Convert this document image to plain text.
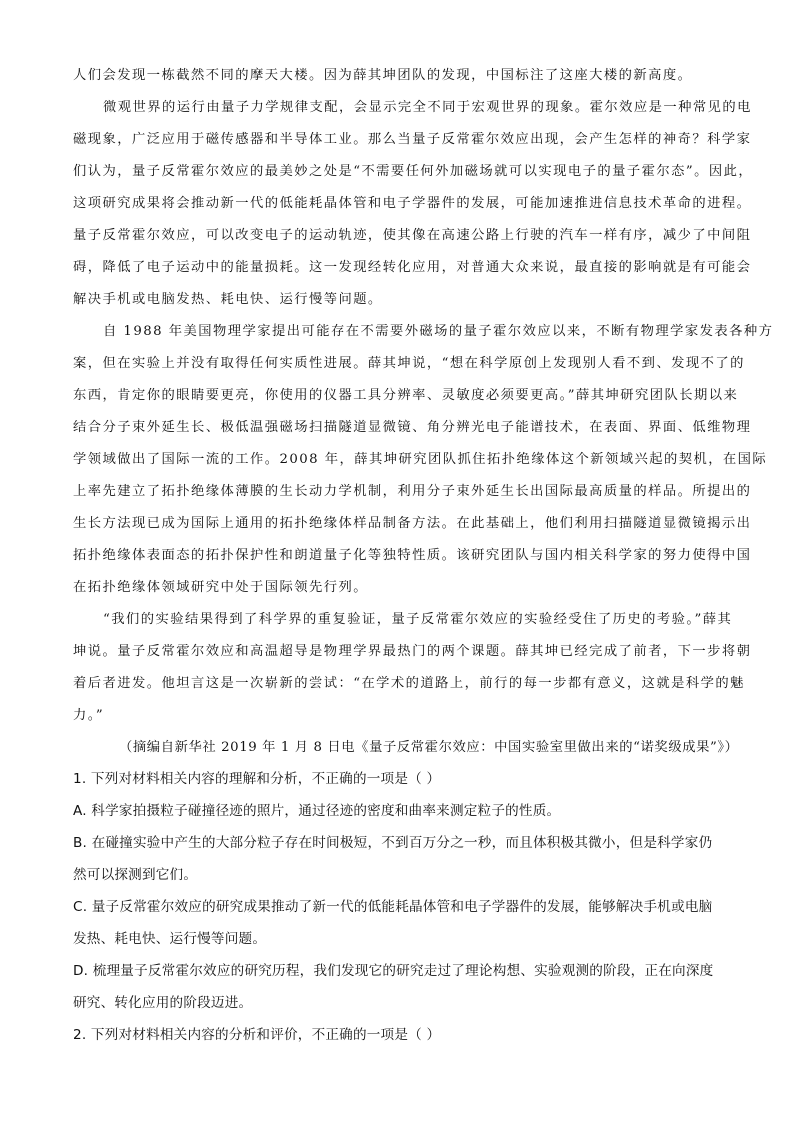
人们会发现一栋截然不同的摩天大楼。因为薛其坤团队的发现，中国标注了这座大楼的新高度。
微观世界的运行由量子力学规律支配，会显示完全不同于宏观世界的现象。霍尔效应是一种常见的电
磁现象，广泛应用于磁传感器和半导体工业。那么当量子反常霍尔效应出现，会产生怎样的神奇？科学家
们认为，量子反常霍尔效应的最美妙之处是“不需要任何外加磁场就可以实现电子的量子霍尔态”。因此，
这项研究成果将会推动新一代的低能耗晶体管和电子学器件的发展，可能加速推进信息技术革命的进程。
量子反常霍尔效应，可以改变电子的运动轨迹，使其像在高速公路上行驶的汽车一样有序，减少了中间阻
碍，降低了电子运动中的能量损耗。这一发现经转化应用，对普通大众来说，最直接的影响就是有可能会
解决手机或电脑发热、耗电快、运行慢等问题。
自 1988 年美国物理学家提出可能存在不需要外磁场的量子霍尔效应以来，不断有物理学家发表各种方
案，但在实验上并没有取得任何实质性进展。薛其坤说，“想在科学原创上发现别人看不到、发现不了的
东西，肯定你的眼睛要更亮，你使用的仪器工具分辨率、灵敏度必须要更高。”薛其坤研究团队长期以来
结合分子束外延生长、极低温强磁场扫描隧道显微镜、角分辨光电子能谱技术，在表面、界面、低维物理
学领域做出了国际一流的工作。2008 年，薛其坤研究团队抓住拓扑绝缘体这个新领域兴起的契机，在国际
上率先建立了拓扑绝缘体薄膜的生长动力学机制，利用分子束外延生长出国际最高质量的样品。所提出的
生长方法现已成为国际上通用的拓扑绝缘体样品制备方法。在此基础上，他们利用扫描隧道显微镜揭示出
拓扑绝缘体表面态的拓扑保护性和朗道量子化等独特性质。该研究团队与国内相关科学家的努力使得中国
在拓扑绝缘体领域研究中处于国际领先行列。
“我们的实验结果得到了科学界的重复验证，量子反常霍尔效应的实验经受住了历史的考验。”薛其
坤说。量子反常霍尔效应和高温超导是物理学界最热门的两个课题。薛其坤已经完成了前者，下一步将朝
着后者进发。他坦言这是一次崭新的尝试：“在学术的道路上，前行的每一步都有意义，这就是科学的魅
力。”
（摘编自新华社 2019 年 1 月 8 日电《量子反常霍尔效应：中国实验室里做出来的“诺奖级成果”》）
1. 下列对材料相关内容的理解和分析，不正确的一项是（ ）
A. 科学家拍摄粒子碰撞径迹的照片，通过径迹的密度和曲率来测定粒子的性质。
B. 在碰撞实验中产生的大部分粒子存在时间极短，不到百万分之一秒，而且体积极其微小，但是科学家仍
然可以探测到它们。
C. 量子反常霍尔效应的研究成果推动了新一代的低能耗晶体管和电子学器件的发展，能够解决手机或电脑
发热、耗电快、运行慢等问题。
D. 梳理量子反常霍尔效应的研究历程，我们发现它的研究走过了理论构想、实验观测的阶段，正在向深度
研究、转化应用的阶段迈进。
2. 下列对材料相关内容的分析和评价，不正确的一项是（ ）
